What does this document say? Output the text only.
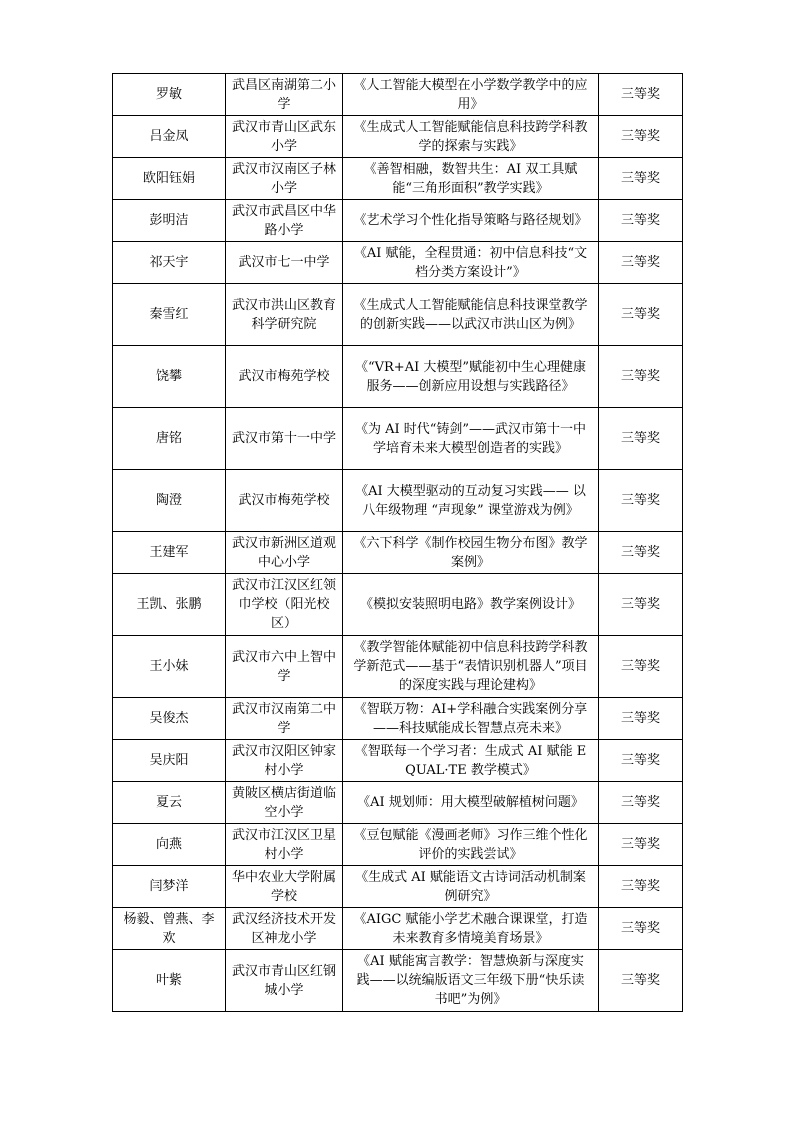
罗敏	武昌区南湖第二小学	《人工智能大模型在小学数学教学中的应用》	三等奖
吕金凤	武汉市青山区武东小学	《生成式人工智能赋能信息科技跨学科教学的探索与实践》	三等奖
欧阳钰娟	武汉市汉南区子林小学	《善智相融，数智共生：AI 双工具赋能“三角形面积”教学实践》	三等奖
彭明洁	武汉市武昌区中华路小学	《艺术学习个性化指导策略与路径规划》	三等奖
祁天宇	武汉市七一中学	《AI 赋能，全程贯通：初中信息科技“文档分类方案设计”》	三等奖
秦雪红	武汉市洪山区教育科学研究院	《生成式人工智能赋能信息科技课堂教学的创新实践——以武汉市洪山区为例》	三等奖
饶攀	武汉市梅苑学校	《“VR+AI 大模型”赋能初中生心理健康服务——创新应用设想与实践路径》	三等奖
唐铭	武汉市第十一中学	《为 AI 时代“铸剑”——武汉市第十一中学培育未来大模型创造者的实践》	三等奖
陶澄	武汉市梅苑学校	《AI 大模型驱动的互动复习实践—— 以八年级物理 “声现象” 课堂游戏为例》	三等奖
王建军	武汉市新洲区道观中心小学	《六下科学《制作校园生物分布图》教学案例》	三等奖
王凯、张鹏	武汉市江汉区红领巾学校（阳光校区）	《模拟安装照明电路》教学案例设计》	三等奖
王小妹	武汉市六中上智中学	《教学智能体赋能初中信息科技跨学科教学新范式——基于“表情识别机器人”项目的深度实践与理论建构》	三等奖
吴俊杰	武汉市汉南第二中学	《智联万物：AI+学科融合实践案例分享——科技赋能成长智慧点亮未来》	三等奖
吴庆阳	武汉市汉阳区钟家村小学	《智联每一个学习者：生成式 AI 赋能 EQUAL·TE 教学模式》	三等奖
夏云	黄陂区横店街道临空小学	《AI 规划师：用大模型破解植树问题》	三等奖
向燕	武汉市江汉区卫星村小学	《豆包赋能《漫画老师》习作三维个性化评价的实践尝试》	三等奖
闫梦洋	华中农业大学附属学校	《生成式 AI 赋能语文古诗词活动机制案例研究》	三等奖
杨毅、曾燕、李欢	武汉经济技术开发区神龙小学	《AIGC 赋能小学艺术融合课课堂，打造未来教育多情境美育场景》	三等奖
叶紫	武汉市青山区红钢城小学	《AI 赋能寓言教学：智慧焕新与深度实践——以统编版语文三年级下册“快乐读书吧”为例》	三等奖
